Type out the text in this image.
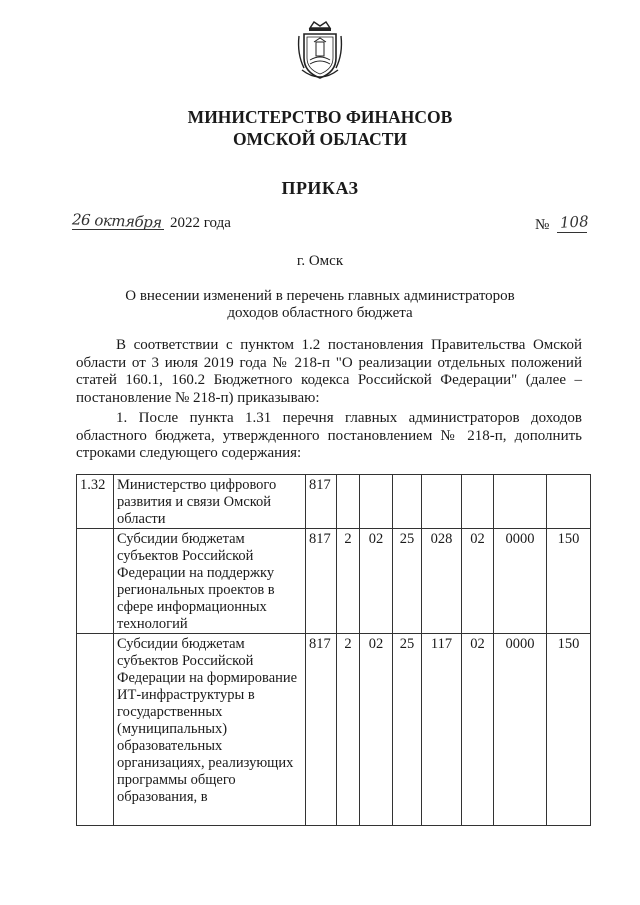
МИНИСТЕРСТВО ФИНАНСОВ
ОМСКОЙ ОБЛАСТИ
ПРИКАЗ
26 октября 2022 года	№ 108
г. Омск
О внесении изменений в перечень главных администраторов
доходов областного бюджета
В соответствии с пунктом 1.2 постановления Правительства Омской
области от 3 июля 2019 года № 218-п "О реализации отдельных положений
статей 160.1, 160.2 Бюджетного кодекса Российской Федерации" (далее –
постановление № 218-п) приказываю:
1. После пункта 1.31 перечня главных администраторов доходов
областного бюджета, утвержденного постановлением № 218-п, дополнить
строками следующего содержания:
1.32	Министерство цифрового развития и связи Омской области	817							
	Субсидии бюджетам субъектов Российской Федерации на поддержку региональных проектов в сфере информационных технологий	817	2	02	25	028	02	0000	150
	Субсидии бюджетам субъектов Российской Федерации на формирование ИТ-инфраструктуры в государственных (муниципальных) образовательных организациях, реализующих программы общего образования, в	817	2	02	25	117	02	0000	150
